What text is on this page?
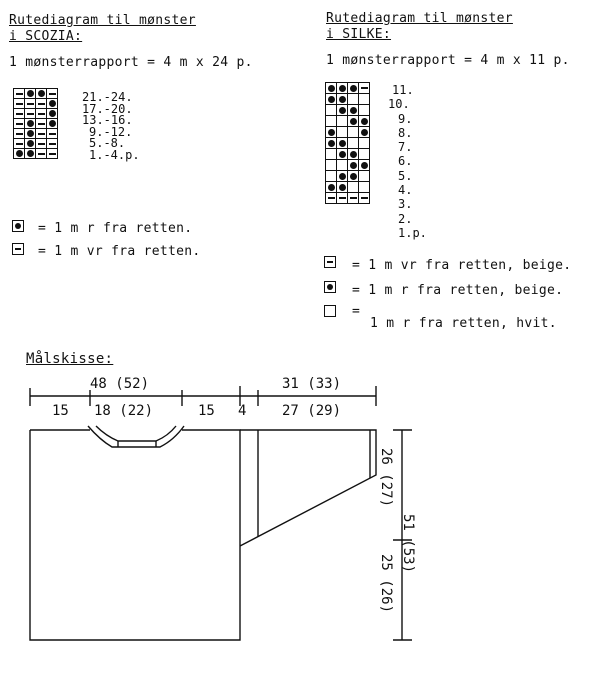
Rutediagram til mønster
i SCOZIA:
1 mønsterrapport = 4 m x 24 p.

21.-24.
17.-20.
13.-16.
9.-12.
5.-8.
1.-4.p.
= 1 m r fra retten.
= 1 m vr fra retten.
Rutediagram til mønster
i SILKE:
1 mønsterrapport = 4 m x 11 p.

11.
10.
9.
8.
7.
6.
5.
4.
3.
2.
1.p.
= 1 m vr fra retten, beige.
= 1 m r fra retten, beige.
=
1 m r fra retten, hvit.
Målskisse:
48 (52)	31 (33)
15 18 (22)	15 4	27 (29)
26 (27)
51 (53)
25 (26)
